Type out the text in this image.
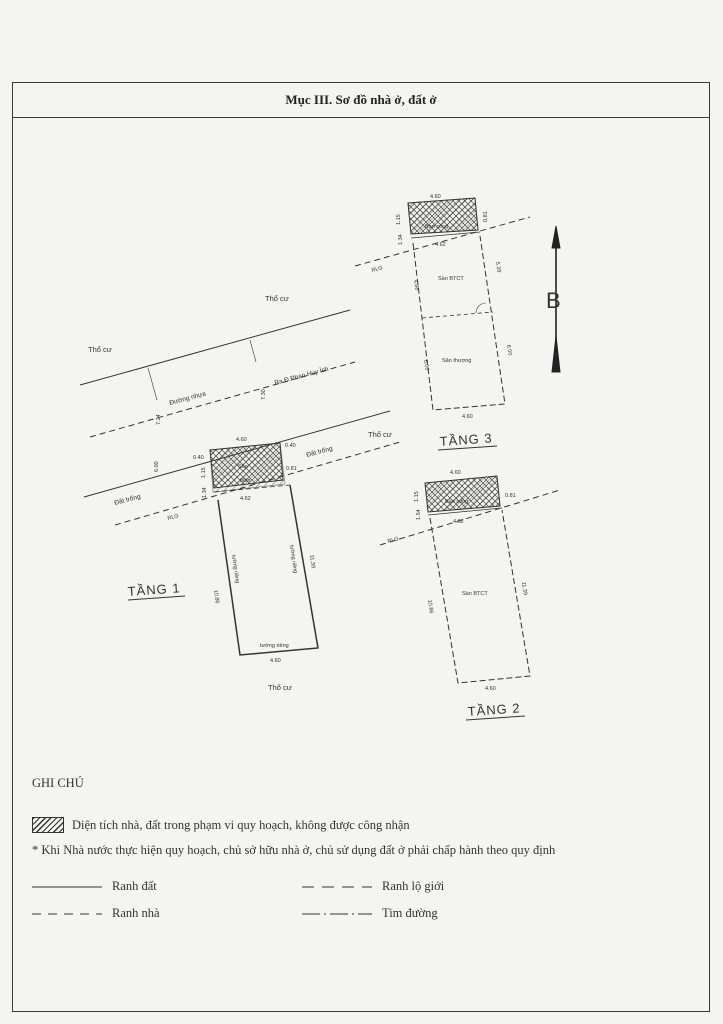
Mục III. Sơ đồ nhà ở, đất ở
Thổ cư
Thổ cư
Thổ cư
Thổ cư
Đường nhựa
Ra Đ.Phan Huy Ích
Đất trống
Đất trống
RLG
7.24
7.30
6.00
4.60
0.40
0.40
1.15
1.34
0.81
Sân
hiên
4.62
10.86
tường riêng	tường riêng 11.39
tường riêng
4.60
TẦNG 1
4.60
1.15
1.54
0.81
Ban công
4.62
Sàn BTCT
10.86
11.39
RLG
4.60
TẦNG 2
4.60
1.15
1.34
0.81
Ban công
4.62
Sàn BTCT
Sân thượng
4.86
5.39
6.00
6.00
RLG
4.60
TẦNG 3
B
GHI CHÚ
Diện tích nhà, đất trong phạm vi quy hoạch, không được công nhận
* Khi Nhà nước thực hiện quy hoạch, chủ sở hữu nhà ở, chủ sử dụng đất ở phải chấp hành theo quy định
Ranh đất	Ranh lộ giới
Ranh nhà	Tim đường
